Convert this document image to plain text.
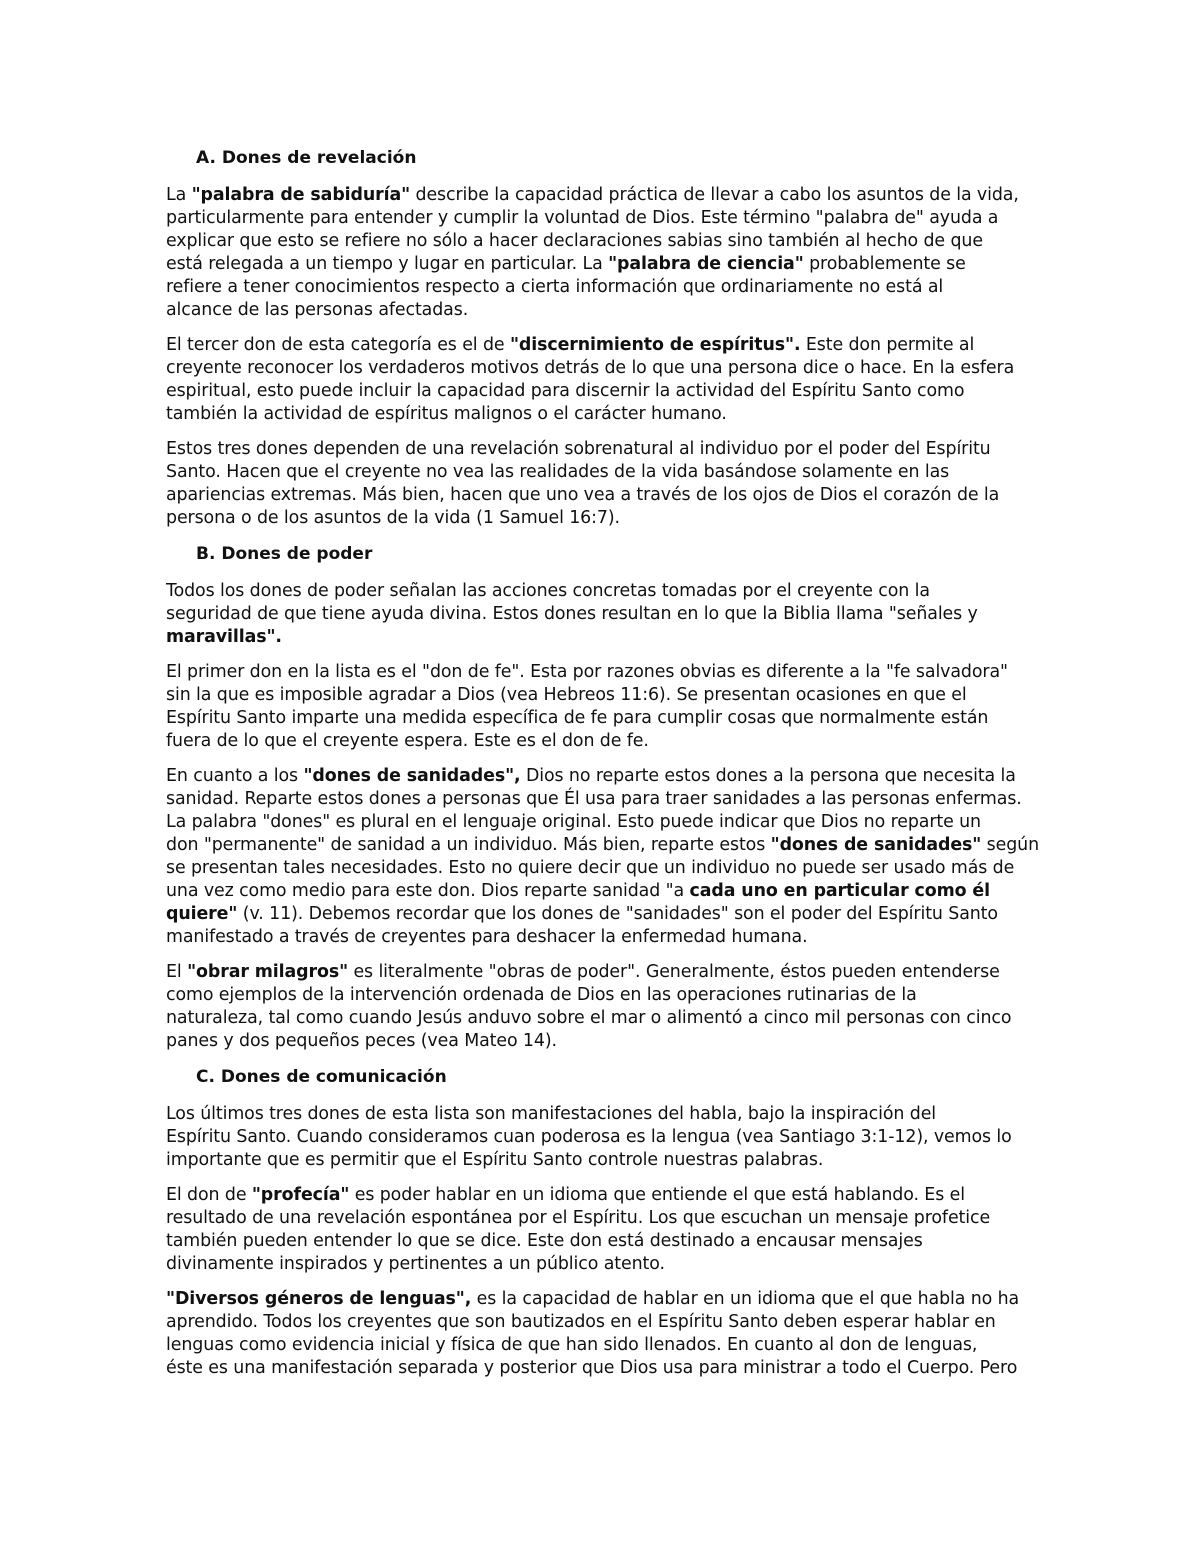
A. Dones de revelación

La "palabra de sabiduría" describe la capacidad práctica de llevar a cabo los asuntos de la vida,
particularmente para entender y cumplir la voluntad de Dios. Este término "palabra de" ayuda a
explicar que esto se refiere no sólo a hacer declaraciones sabias sino también al hecho de que
está relegada a un tiempo y lugar en particular. La "palabra de ciencia" probablemente se
refiere a tener conocimientos respecto a cierta información que ordinariamente no está al
alcance de las personas afectadas.

El tercer don de esta categoría es el de "discernimiento de espíritus". Este don permite al
creyente reconocer los verdaderos motivos detrás de lo que una persona dice o hace. En la esfera
espiritual, esto puede incluir la capacidad para discernir la actividad del Espíritu Santo como
también la actividad de espíritus malignos o el carácter humano.

Estos tres dones dependen de una revelación sobrenatural al individuo por el poder del Espíritu
Santo. Hacen que el creyente no vea las realidades de la vida basándose solamente en las
apariencias extremas. Más bien, hacen que uno vea a través de los ojos de Dios el corazón de la
persona o de los asuntos de la vida (1 Samuel 16:7).

B. Dones de poder

Todos los dones de poder señalan las acciones concretas tomadas por el creyente con la
seguridad de que tiene ayuda divina. Estos dones resultan en lo que la Biblia llama "señales y
maravillas".

El primer don en la lista es el "don de fe". Esta por razones obvias es diferente a la "fe salvadora"
sin la que es imposible agradar a Dios (vea Hebreos 11:6). Se presentan ocasiones en que el
Espíritu Santo imparte una medida específica de fe para cumplir cosas que normalmente están
fuera de lo que el creyente espera. Este es el don de fe.

En cuanto a los "dones de sanidades", Dios no reparte estos dones a la persona que necesita la
sanidad. Reparte estos dones a personas que Él usa para traer sanidades a las personas enfermas.
La palabra "dones" es plural en el lenguaje original. Esto puede indicar que Dios no reparte un
don "permanente" de sanidad a un individuo. Más bien, reparte estos "dones de sanidades" según
se presentan tales necesidades. Esto no quiere decir que un individuo no puede ser usado más de
una vez como medio para este don. Dios reparte sanidad "a cada uno en particular como él
quiere" (v. 11). Debemos recordar que los dones de "sanidades" son el poder del Espíritu Santo
manifestado a través de creyentes para deshacer la enfermedad humana.

El "obrar milagros" es literalmente "obras de poder". Generalmente, éstos pueden entenderse
como ejemplos de la intervención ordenada de Dios en las operaciones rutinarias de la
naturaleza, tal como cuando Jesús anduvo sobre el mar o alimentó a cinco mil personas con cinco
panes y dos pequeños peces (vea Mateo 14).

C. Dones de comunicación

Los últimos tres dones de esta lista son manifestaciones del habla, bajo la inspiración del
Espíritu Santo. Cuando consideramos cuan poderosa es la lengua (vea Santiago 3:1-12), vemos lo
importante que es permitir que el Espíritu Santo controle nuestras palabras.

El don de "profecía" es poder hablar en un idioma que entiende el que está hablando. Es el
resultado de una revelación espontánea por el Espíritu. Los que escuchan un mensaje profetice
también pueden entender lo que se dice. Este don está destinado a encausar mensajes
divinamente inspirados y pertinentes a un público atento.

"Diversos géneros de lenguas", es la capacidad de hablar en un idioma que el que habla no ha
aprendido. Todos los creyentes que son bautizados en el Espíritu Santo deben esperar hablar en
lenguas como evidencia inicial y física de que han sido llenados. En cuanto al don de lenguas,
éste es una manifestación separada y posterior que Dios usa para ministrar a todo el Cuerpo. Pero
